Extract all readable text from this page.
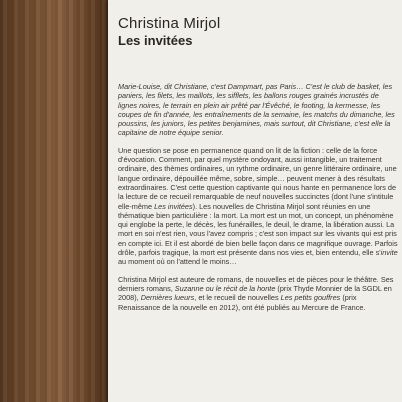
Christina Mirjol
Les invitées

Marie-Louise, dit Christiane, c'est Dampmart, pas Paris… C'est le club de basket, les paniers, les filets, les maillots, les sifflets, les ballons rouges grainés incrustés de lignes noires, le terrain en plein air prêté par l'Évêché, le footing, la kermesse, les coupes de fin d'année, les entraînements de la semaine, les matchs du dimanche, les poussins, les juniors, les petites benjamines, mais surtout, dit Christiane, c'est elle la capitaine de notre équipe senior.

Une question se pose en permanence quand on lit de la fiction : celle de la force d'évocation. Comment, par quel mystère ondoyant, aussi intangible, un traitement ordinaire, des thèmes ordinaires, un rythme ordinaire, un genre littéraire ordinaire, une langue ordinaire, dépouillée même, sobre, simple… peuvent mener à des résultats extraordinaires. C'est cette question captivante qui nous hante en permanence lors de la lecture de ce recueil remarquable de neuf nouvelles succinctes (dont l'une s'intitule elle-même Les invitées). Les nouvelles de Christina Mirjol sont réunies en une thématique bien particulière : la mort. La mort est un mot, un concept, un phénomène qui englobe la perte, le décès, les funérailles, le deuil, le drame, la libération aussi. La mort en soi n'est rien, vous l'avez compris ; c'est son impact sur les vivants qui est pris en compte ici. Et il est abordé de bien belle façon dans ce magnifique ouvrage. Parfois drôle, parfois tragique, la mort est présente dans nos vies et, bien entendu, elle s'invite au moment où on l'attend le moins…

Christina Mirjol est auteure de romans, de nouvelles et de pièces pour le théâtre. Ses derniers romans, Suzanne ou le récit de la honte (prix Thyde Monnier de la SGDL en 2008), Dernières lueurs, et le recueil de nouvelles Les petits gouffres (prix Renaissance de la nouvelle en 2012), ont été publiés au Mercure de France.
